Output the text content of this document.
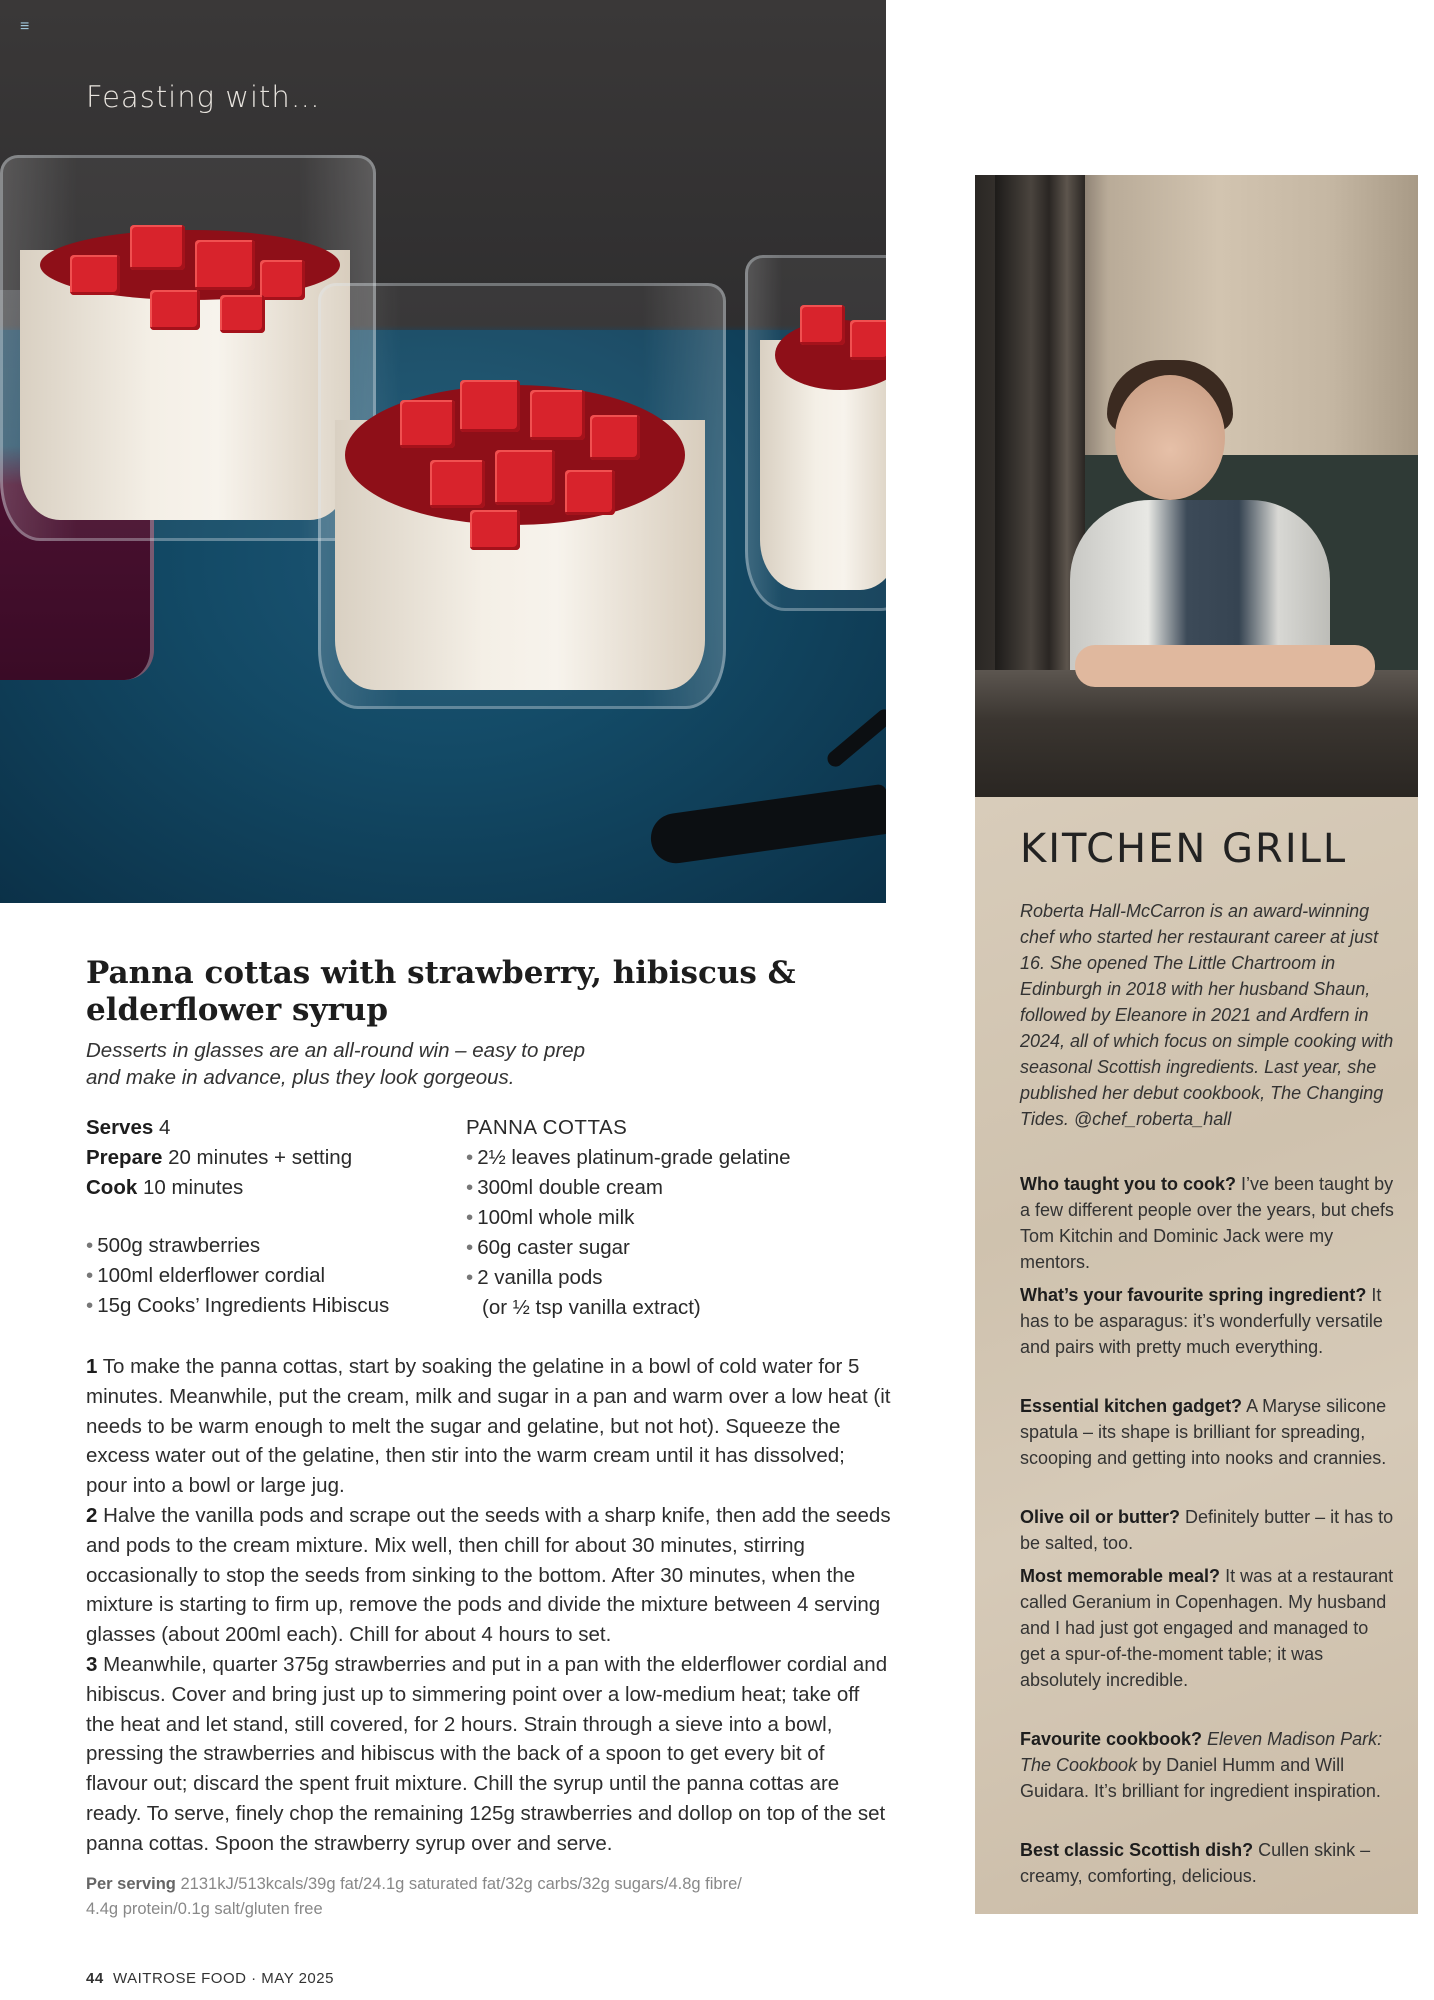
≡
Feasting with…
Panna cottas with strawberry, hibiscus & elderflower syrup

Desserts in glasses are an all-round win – easy to prep
and make in advance, plus they look gorgeous.

Serves 4
Prepare 20 minutes + setting
Cook 10 minutes
• 500g strawberries
• 100ml elderflower cordial
• 15g Cooks’ Ingredients Hibiscus
PANNA COTTAS
• 2½ leaves platinum-grade gelatine
• 300ml double cream
• 100ml whole milk
• 60g caster sugar
• 2 vanilla pods
(or ½ tsp vanilla extract)

1 To make the panna cottas, start by soaking the gelatine in a bowl of cold water for 5 minutes. Meanwhile, put the cream, milk and sugar in a pan and warm over a low heat (it needs to be warm enough to melt the sugar and gelatine, but not hot). Squeeze the excess water out of the gelatine, then stir into the warm cream until it has dissolved; pour into a bowl or large jug.

2 Halve the vanilla pods and scrape out the seeds with a sharp knife, then add the seeds and pods to the cream mixture. Mix well, then chill for about 30 minutes, stirring occasionally to stop the seeds from sinking to the bottom. After 30 minutes, when the mixture is starting to firm up, remove the pods and divide the mixture between 4 serving glasses (about 200ml each). Chill for about 4 hours to set.

3 Meanwhile, quarter 375g strawberries and put in a pan with the elderflower cordial and hibiscus. Cover and bring just up to simmering point over a low-medium heat; take off the heat and let stand, still covered, for 2 hours. Strain through a sieve into a bowl, pressing the strawberries and hibiscus with the back of a spoon to get every bit of flavour out; discard the spent fruit mixture. Chill the syrup until the panna cottas are ready. To serve, finely chop the remaining 125g strawberries and dollop on top of the set panna cottas. Spoon the strawberry syrup over and serve.

Per serving 2131kJ/513kcals/39g fat/24.1g saturated fat/32g carbs/32g sugars/4.8g fibre/
4.4g protein/0.1g salt/gluten free
44 WAITROSE FOOD · MAY 2025
KITCHEN GRILL
Roberta Hall-McCarron is an award-winning chef who started her restaurant career at just 16. She opened The Little Chartroom in Edinburgh in 2018 with her husband Shaun, followed by Eleanore in 2021 and Ardfern in 2024, all of which focus on simple cooking with seasonal Scottish ingredients. Last year, she published her debut cookbook, The Changing Tides. @chef_roberta_hall
Who taught you to cook? I’ve been taught by a few different people over the years, but chefs Tom Kitchin and Dominic Jack were my mentors.
What’s your favourite spring ingredient? It has to be asparagus: it’s wonderfully versatile and pairs with pretty much everything.
Essential kitchen gadget? A Maryse silicone spatula – its shape is brilliant for spreading, scooping and getting into nooks and crannies.
Olive oil or butter? Definitely butter – it has to be salted, too.
Most memorable meal? It was at a restaurant called Geranium in Copenhagen. My husband and I had just got engaged and managed to get a spur-of-the-moment table; it was absolutely incredible.
Favourite cookbook? Eleven Madison Park: The Cookbook by Daniel Humm and Will Guidara. It’s brilliant for ingredient inspiration.
Best classic Scottish dish? Cullen skink – creamy, comforting, delicious.
